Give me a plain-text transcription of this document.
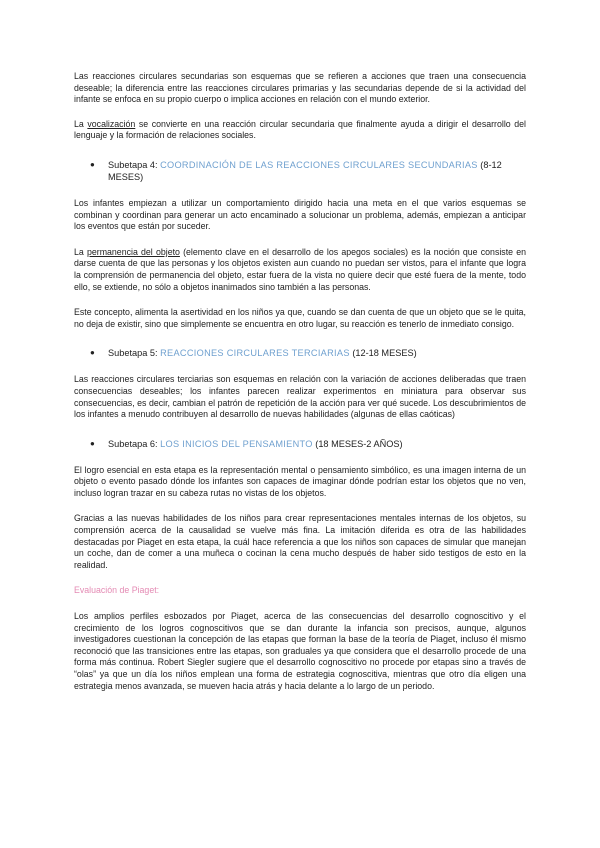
Las reacciones circulares secundarias son esquemas que se refieren a acciones que traen una consecuencia deseable; la diferencia entre las reacciones circulares primarias y las secundarias depende de si la actividad del infante se enfoca en su propio cuerpo o implica acciones en relación con el mundo exterior.

La vocalización se convierte en una reacción circular secundaria que finalmente ayuda a dirigir el desarrollo del lenguaje y la formación de relaciones sociales.

● Subetapa 4: COORDINACIÓN DE LAS REACCIONES CIRCULARES SECUNDARIAS (8-12 MESES)

Los infantes empiezan a utilizar un comportamiento dirigido hacia una meta en el que varios esquemas se combinan y coordinan para generar un acto encaminado a solucionar un problema, además, empiezan a anticipar los eventos que están por suceder.

La permanencia del objeto (elemento clave en el desarrollo de los apegos sociales) es la noción que consiste en darse cuenta de que las personas y los objetos existen aun cuando no puedan ser vistos, para el infante que logra la comprensión de permanencia del objeto, estar fuera de la vista no quiere decir que esté fuera de la mente, todo ello, se extiende, no sólo a objetos inanimados sino también a las personas.

Este concepto, alimenta la asertividad en los niños ya que, cuando se dan cuenta de que un objeto que se le quita, no deja de existir, sino que simplemente se encuentra en otro lugar, su reacción es tenerlo de inmediato consigo.

● Subetapa 5: REACCIONES CIRCULARES TERCIARIAS (12-18 MESES)

Las reacciones circulares terciarias son esquemas en relación con la variación de acciones deliberadas que traen consecuencias deseables; los infantes parecen realizar experimentos en miniatura para observar sus consecuencias, es decir, cambian el patrón de repetición de la acción para ver qué sucede. Los descubrimientos de los infantes a menudo contribuyen al desarrollo de nuevas habilidades (algunas de ellas caóticas)

● Subetapa 6: LOS INICIOS DEL PENSAMIENTO (18 MESES-2 AÑOS)

El logro esencial en esta etapa es la representación mental o pensamiento simbólico, es una imagen interna de un objeto o evento pasado dónde los infantes son capaces de imaginar dónde podrían estar los objetos que no ven, incluso logran trazar en su cabeza rutas no vistas de los objetos.

Gracias a las nuevas habilidades de los niños para crear representaciones mentales internas de los objetos, su comprensión acerca de la causalidad se vuelve más fina. La imitación diferida es otra de las habilidades destacadas por Piaget en esta etapa, la cuál hace referencia a que los niños son capaces de simular que manejan un coche, dan de comer a una muñeca o cocinan la cena mucho después de haber sido testigos de esto en la realidad.

Evaluación de Piaget:

Los amplios perfiles esbozados por Piaget, acerca de las consecuencias del desarrollo cognoscitivo y el crecimiento de los logros cognoscitivos que se dan durante la infancia son precisos, aunque, algunos investigadores cuestionan la concepción de las etapas que forman la base de la teoría de Piaget, incluso él mismo reconoció que las transiciones entre las etapas, son graduales ya que considera que el desarrollo procede de una forma más continua. Robert Siegler sugiere que el desarrollo cognoscitivo no procede por etapas sino a través de “olas” ya que un día los niños emplean una forma de estrategia cognoscitiva, mientras que otro día eligen una estrategia menos avanzada, se mueven hacia atrás y hacia delante a lo largo de un periodo.
